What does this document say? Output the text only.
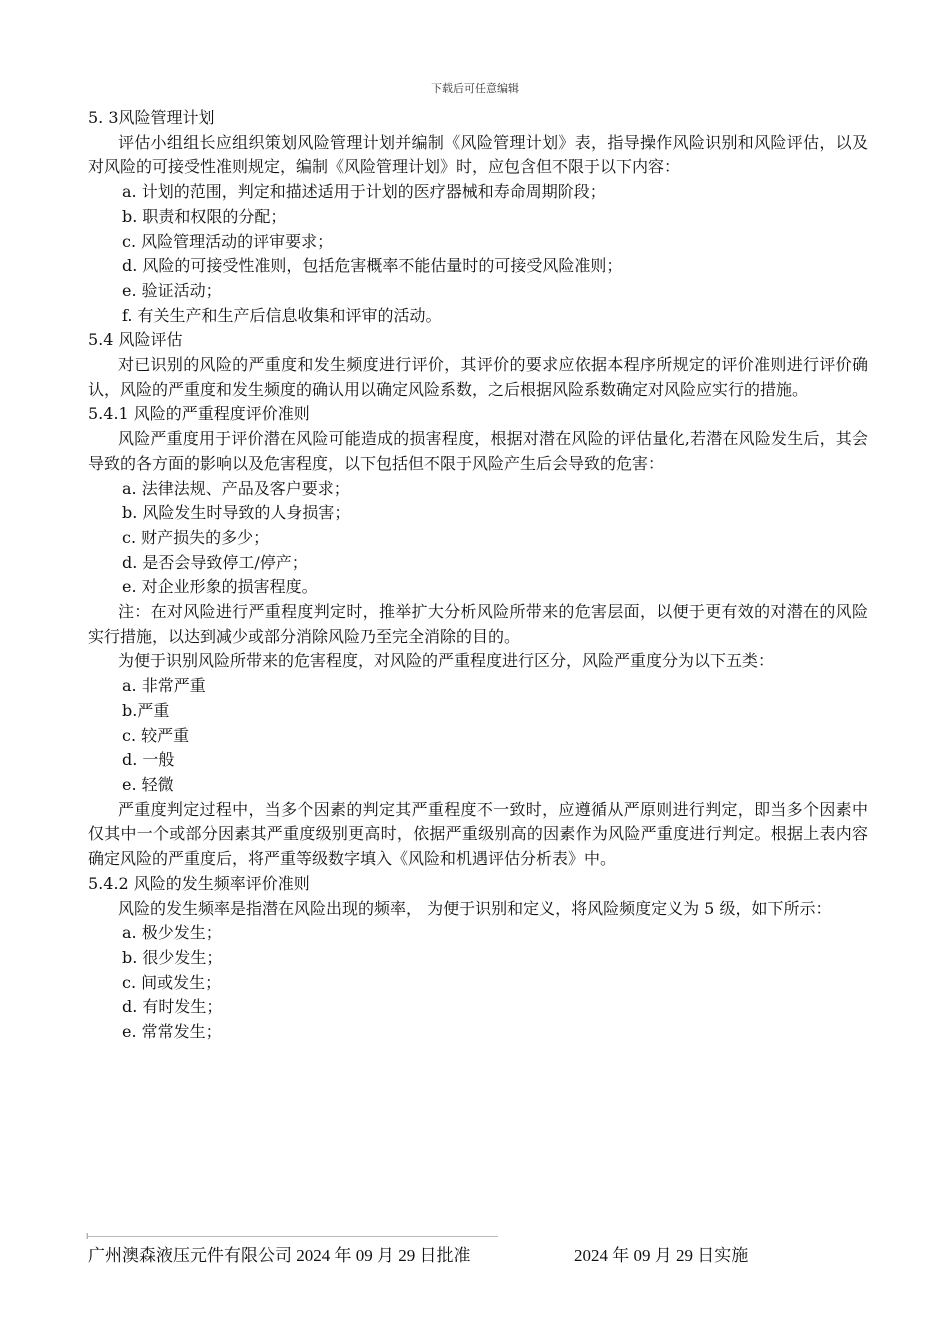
下载后可任意编辑

5. 3风险管理计划

评估小组组长应组织策划风险管理计划并编制《风险管理计划》表，指导操作风险识别和风险评估，以及对风险的可接受性准则规定，编制《风险管理计划》时，应包含但不限于以下内容：

a. 计划的范围，判定和描述适用于计划的医疗器械和寿命周期阶段；

b. 职责和权限的分配；

c. 风险管理活动的评审要求；

d. 风险的可接受性准则，包括危害概率不能估量时的可接受风险准则；

e. 验证活动；

f. 有关生产和生产后信息收集和评审的活动。

5.4 风险评估

对已识别的风险的严重度和发生频度进行评价，其评价的要求应依据本程序所规定的评价准则进行评价确认，风险的严重度和发生频度的确认用以确定风险系数，之后根据风险系数确定对风险应实行的措施。

5.4.1 风险的严重程度评价准则

风险严重度用于评价潜在风险可能造成的损害程度，根据对潜在风险的评估量化,若潜在风险发生后，其会导致的各方面的影响以及危害程度，以下包括但不限于风险产生后会导致的危害：

a. 法律法规、产品及客户要求；

b. 风险发生时导致的人身损害；

c. 财产损失的多少；

d. 是否会导致停工/停产；

e. 对企业形象的损害程度。

注：在对风险进行严重程度判定时，推举扩大分析风险所带来的危害层面，以便于更有效的对潜在的风险实行措施，以达到减少或部分消除风险乃至完全消除的目的。

为便于识别风险所带来的危害程度，对风险的严重程度进行区分，风险严重度分为以下五类：

a. 非常严重

b.严重

c. 较严重

d. 一般

e. 轻微

严重度判定过程中，当多个因素的判定其严重程度不一致时，应遵循从严原则进行判定，即当多个因素中仅其中一个或部分因素其严重度级别更高时，依据严重级别高的因素作为风险严重度进行判定。根据上表内容确定风险的严重度后，将严重等级数字填入《风险和机遇评估分析表》中。

5.4.2 风险的发生频率评价准则

风险的发生频率是指潜在风险出现的频率， 为便于识别和定义，将风险频度定义为 5 级，如下所示：

a. 极少发生；

b. 很少发生；

c. 间或发生；

d. 有时发生；

e. 常常发生；

I
广州澳森液压元件有限公司 2024 年 09 月 29 日批准	2024 年 09 月 29 日实施
